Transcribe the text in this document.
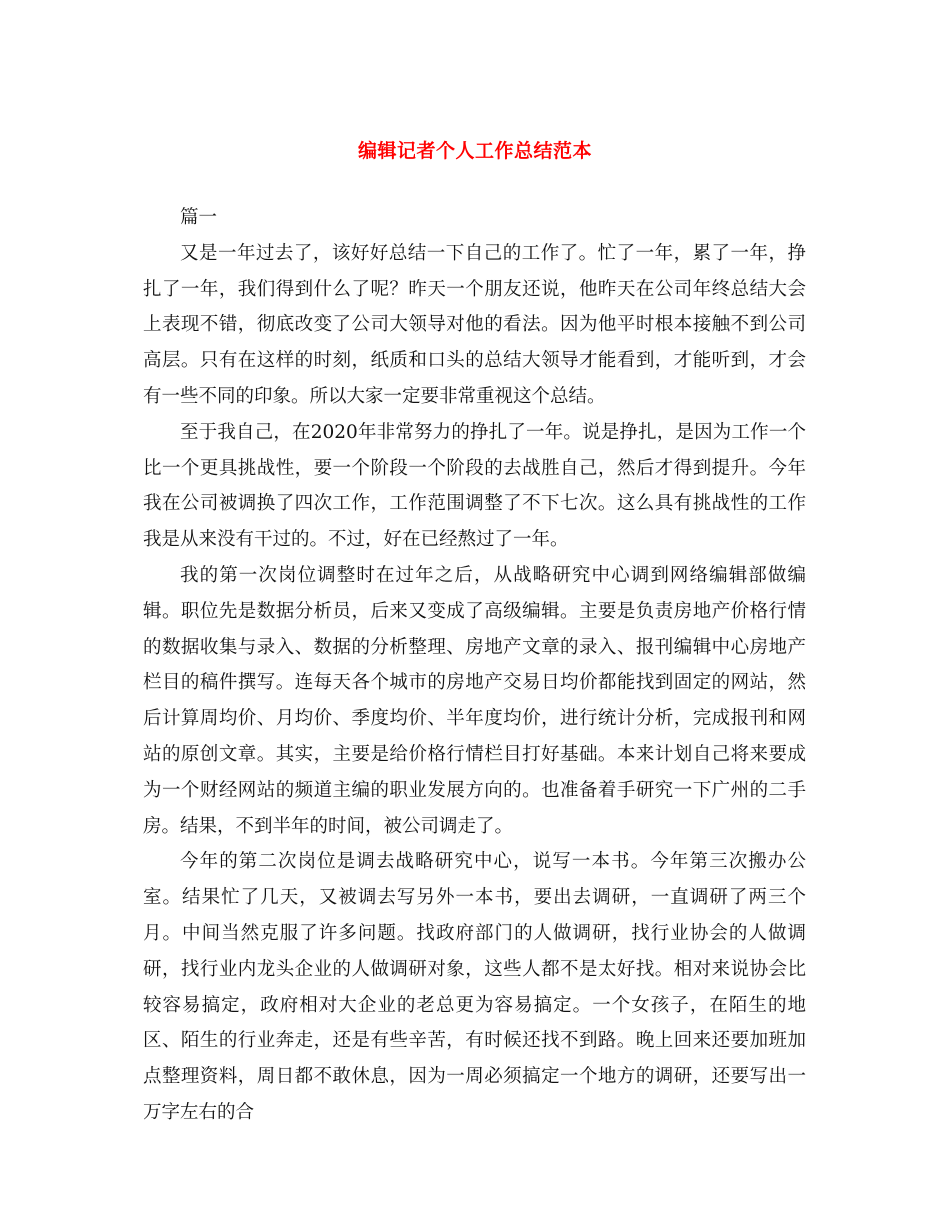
编辑记者个人工作总结范本

篇一

又是一年过去了，该好好总结一下自己的工作了。忙了一年，累了一年，挣扎了一年，我们得到什么了呢？昨天一个朋友还说，他昨天在公司年终总结大会上表现不错，彻底改变了公司大领导对他的看法。因为他平时根本接触不到公司高层。只有在这样的时刻，纸质和口头的总结大领导才能看到，才能听到，才会有一些不同的印象。所以大家一定要非常重视这个总结。

至于我自己，在2020年非常努力的挣扎了一年。说是挣扎，是因为工作一个比一个更具挑战性，要一个阶段一个阶段的去战胜自己，然后才得到提升。今年我在公司被调换了四次工作，工作范围调整了不下七次。这么具有挑战性的工作我是从来没有干过的。不过，好在已经熬过了一年。

我的第一次岗位调整时在过年之后，从战略研究中心调到网络编辑部做编辑。职位先是数据分析员，后来又变成了高级编辑。主要是负责房地产价格行情的数据收集与录入、数据的分析整理、房地产文章的录入、报刊编辑中心房地产栏目的稿件撰写。连每天各个城市的房地产交易日均价都能找到固定的网站，然后计算周均价、月均价、季度均价、半年度均价，进行统计分析，完成报刊和网站的原创文章。其实，主要是给价格行情栏目打好基础。本来计划自己将来要成为一个财经网站的频道主编的职业发展方向的。也准备着手研究一下广州的二手房。结果，不到半年的时间，被公司调走了。

今年的第二次岗位是调去战略研究中心，说写一本书。今年第三次搬办公室。结果忙了几天，又被调去写另外一本书，要出去调研，一直调研了两三个月。中间当然克服了许多问题。找政府部门的人做调研，找行业协会的人做调研，找行业内龙头企业的人做调研对象，这些人都不是太好找。相对来说协会比较容易搞定，政府相对大企业的老总更为容易搞定。一个女孩子，在陌生的地区、陌生的行业奔走，还是有些辛苦，有时候还找不到路。晚上回来还要加班加点整理资料，周日都不敢休息，因为一周必须搞定一个地方的调研，还要写出一万字左右的合
